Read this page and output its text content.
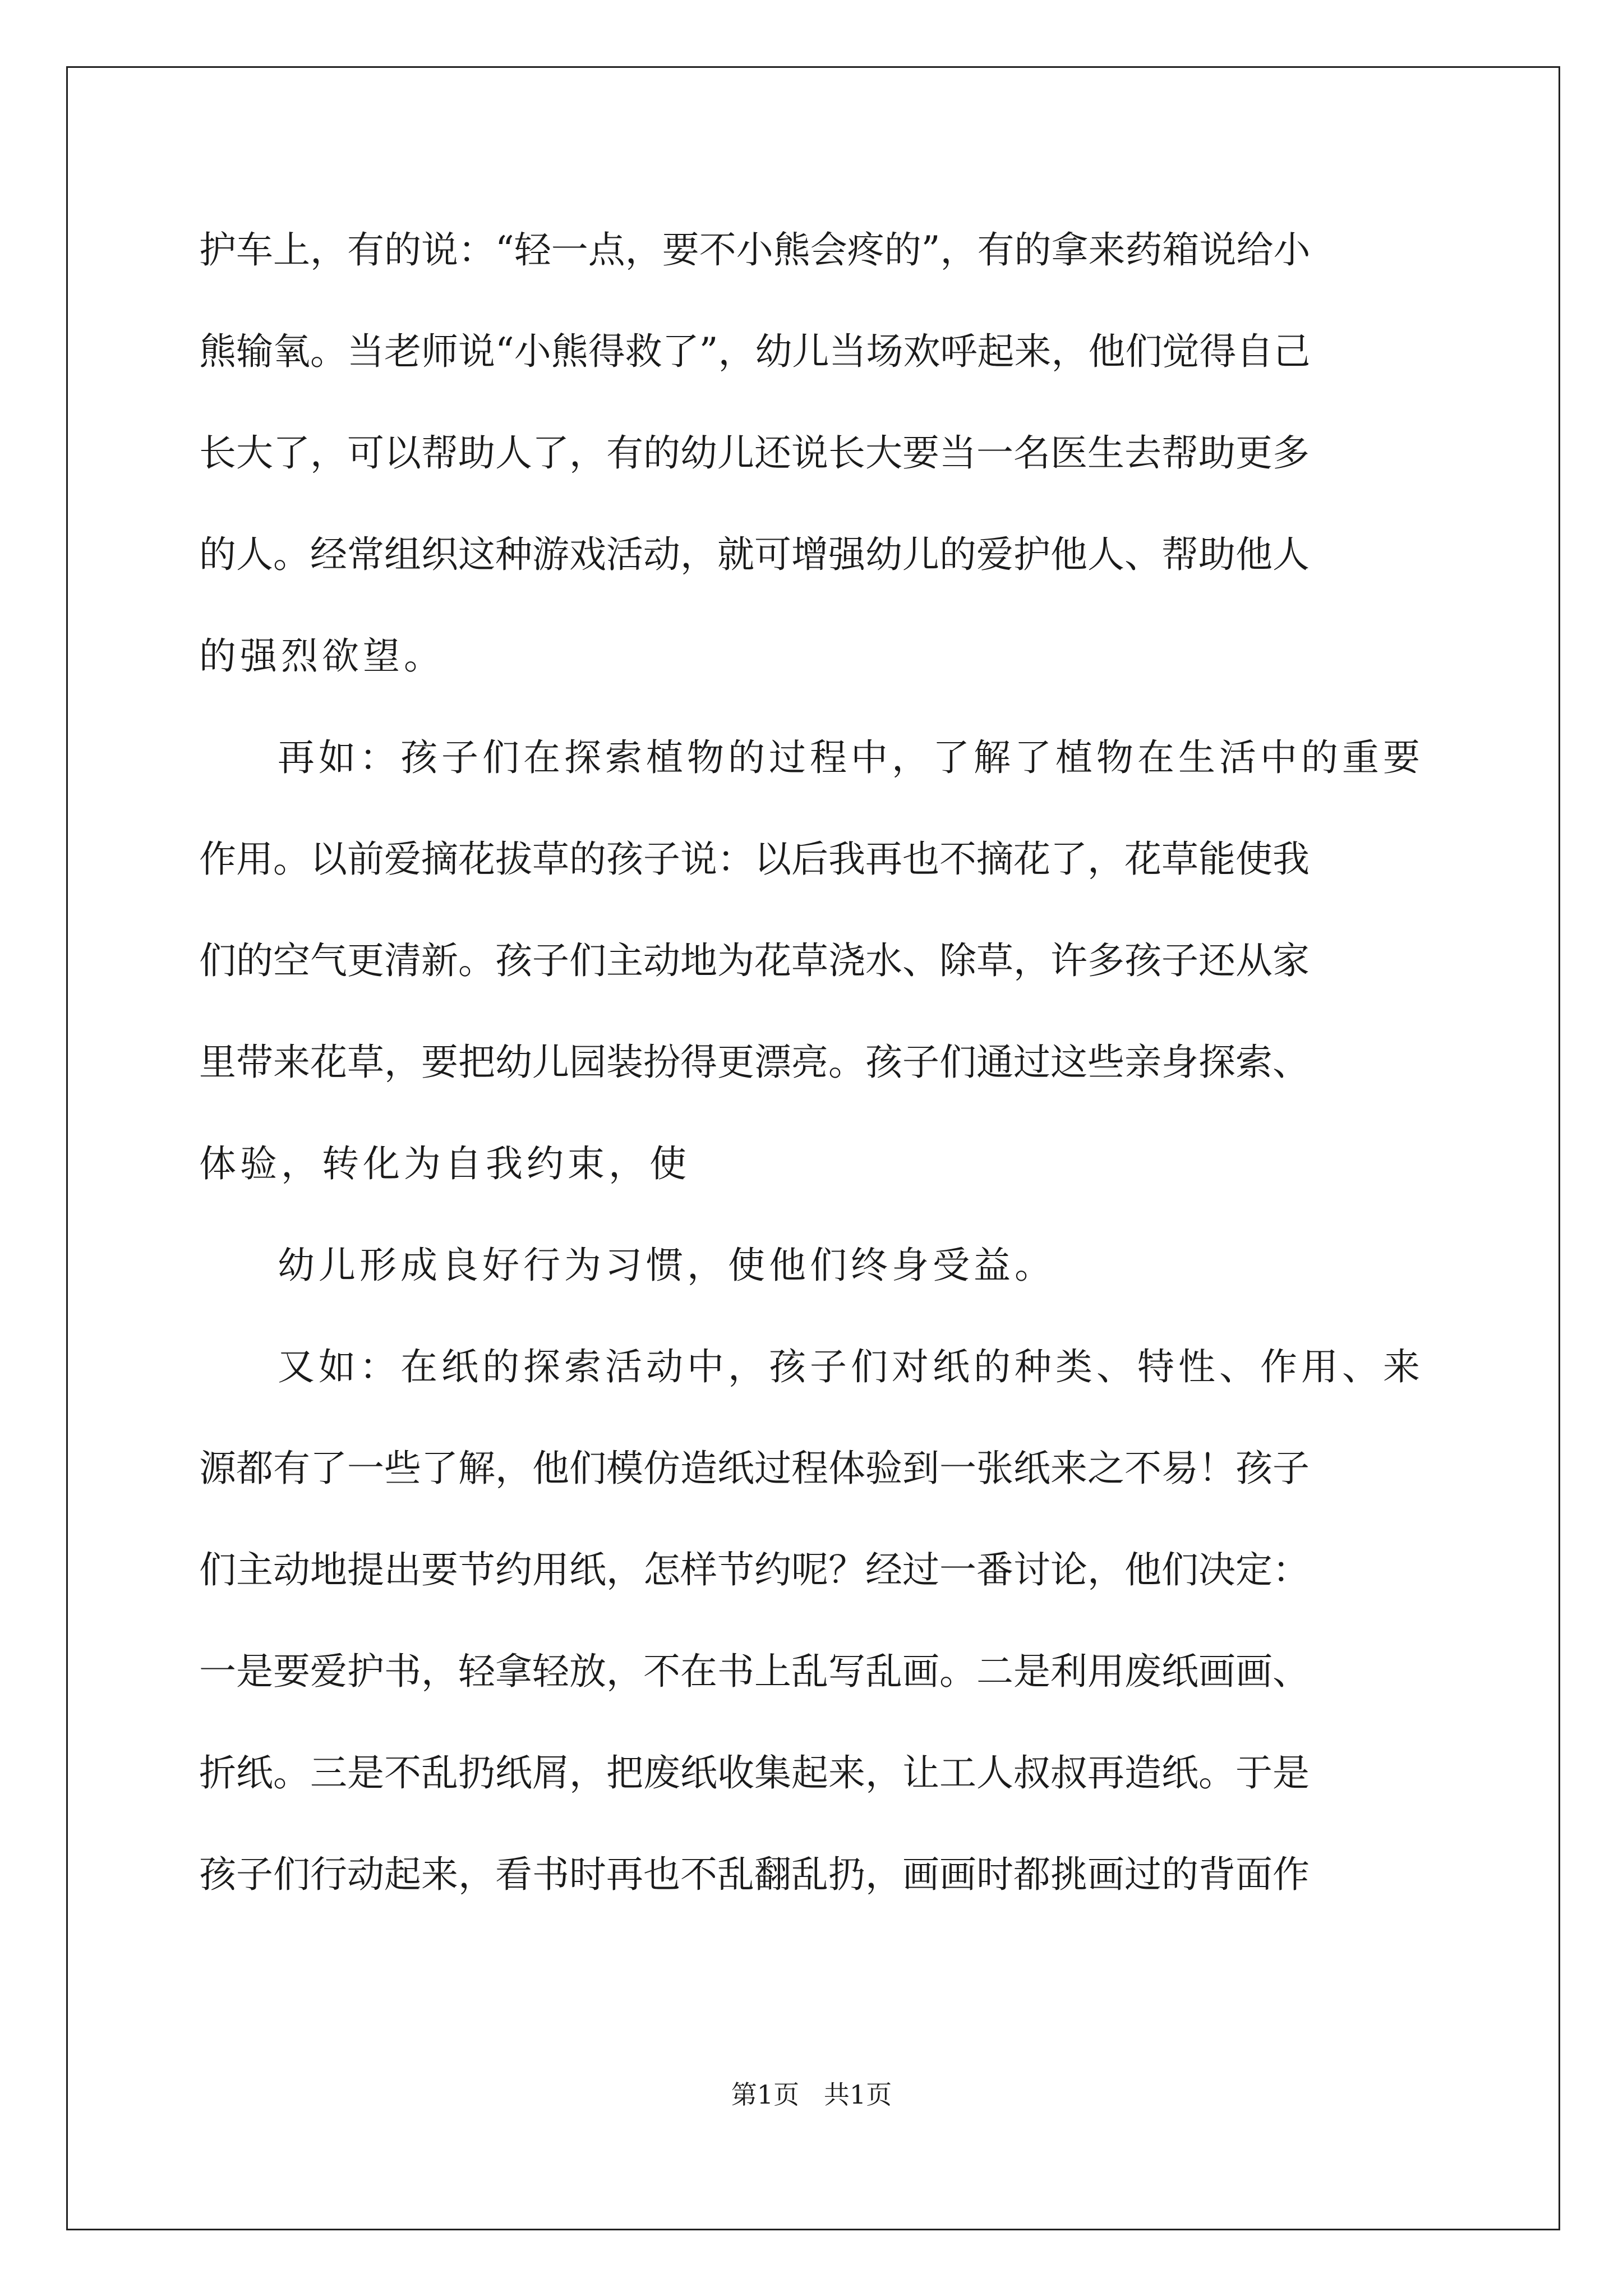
护车上，有的说：“轻一点，要不小熊会疼的”，有的拿来药箱说给小
熊输氧。当老师说“小熊得救了”，幼儿当场欢呼起来，他们觉得自己
长大了，可以帮助人了，有的幼儿还说长大要当一名医生去帮助更多
的人。经常组织这种游戏活动，就可增强幼儿的爱护他人、帮助他人
的强烈欲望。
再如：孩子们在探索植物的过程中，了解了植物在生活中的重要
作用。以前爱摘花拔草的孩子说：以后我再也不摘花了，花草能使我
们的空气更清新。孩子们主动地为花草浇水、除草，许多孩子还从家
里带来花草，要把幼儿园装扮得更漂亮。孩子们通过这些亲身探索、
体验，转化为自我约束，使
幼儿形成良好行为习惯，使他们终身受益。
又如：在纸的探索活动中，孩子们对纸的种类、特性、作用、来
源都有了一些了解，他们模仿造纸过程体验到一张纸来之不易！孩子
们主动地提出要节约用纸，怎样节约呢？经过一番讨论，他们决定：
一是要爱护书，轻拿轻放，不在书上乱写乱画。二是利用废纸画画、
折纸。三是不乱扔纸屑，把废纸收集起来，让工人叔叔再造纸。于是
孩子们行动起来，看书时再也不乱翻乱扔，画画时都挑画过的背面作
第1页   共1页
